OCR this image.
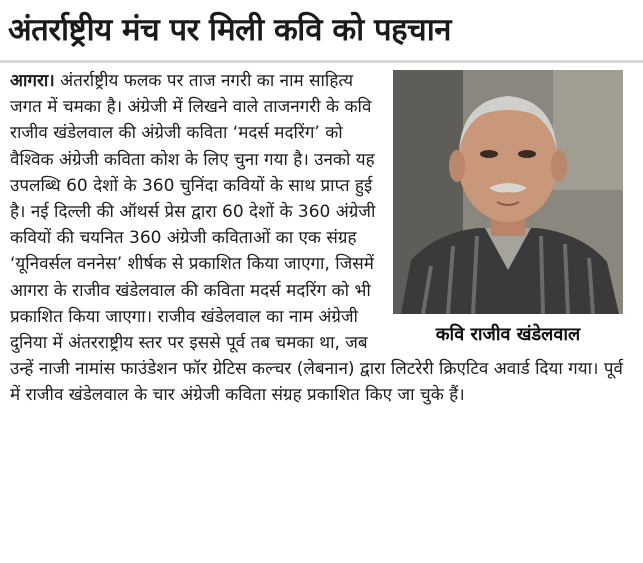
अंतर्राष्ट्रीय मंच पर मिली कवि को पहचान
आगरा। अंतर्राष्ट्रीय फलक पर ताज नगरी का नाम साहित्य जगत में चमका है। अंग्रेजी में लिखने वाले ताजनगरी के कवि राजीव खंडेलवाल की अंग्रेजी कविता ‘मदर्स मदरिंग’ को वैश्विक अंग्रेजी कविता कोश के लिए चुना गया है। उनको यह उपलब्धि 60 देशों के 360 चुनिंदा कवियों के साथ प्राप्त हुई है। नई दिल्ली की ऑथर्स प्रेस द्वारा 60 देशों के 360 अंग्रेजी कवियों की चयनित 360 अंग्रेजी कविताओं का एक संग्रह ‘यूनिवर्सल वननेस’ शीर्षक से प्रकाशित किया जाएगा, जिसमें आगरा के राजीव खंडेलवाल की कविता मदर्स मदरिंग को भी प्रकाशित किया जाएगा। राजीव खंडेलवाल का नाम अंग्रेजी दुनिया में अंतरराष्ट्रीय स्तर पर इससे पूर्व तब चमका था, जब उन्हें नाजी नामांस फाउंडेशन फॉर ग्रेटिस कल्चर (लेबनान) द्वारा लिटरेरी क्रिएटिव अवार्ड दिया गया। पूर्व में राजीव खंडेलवाल के चार अंग्रेजी कविता संग्रह प्रकाशित किए जा चुके हैं।
कवि राजीव खंडेलवाल
